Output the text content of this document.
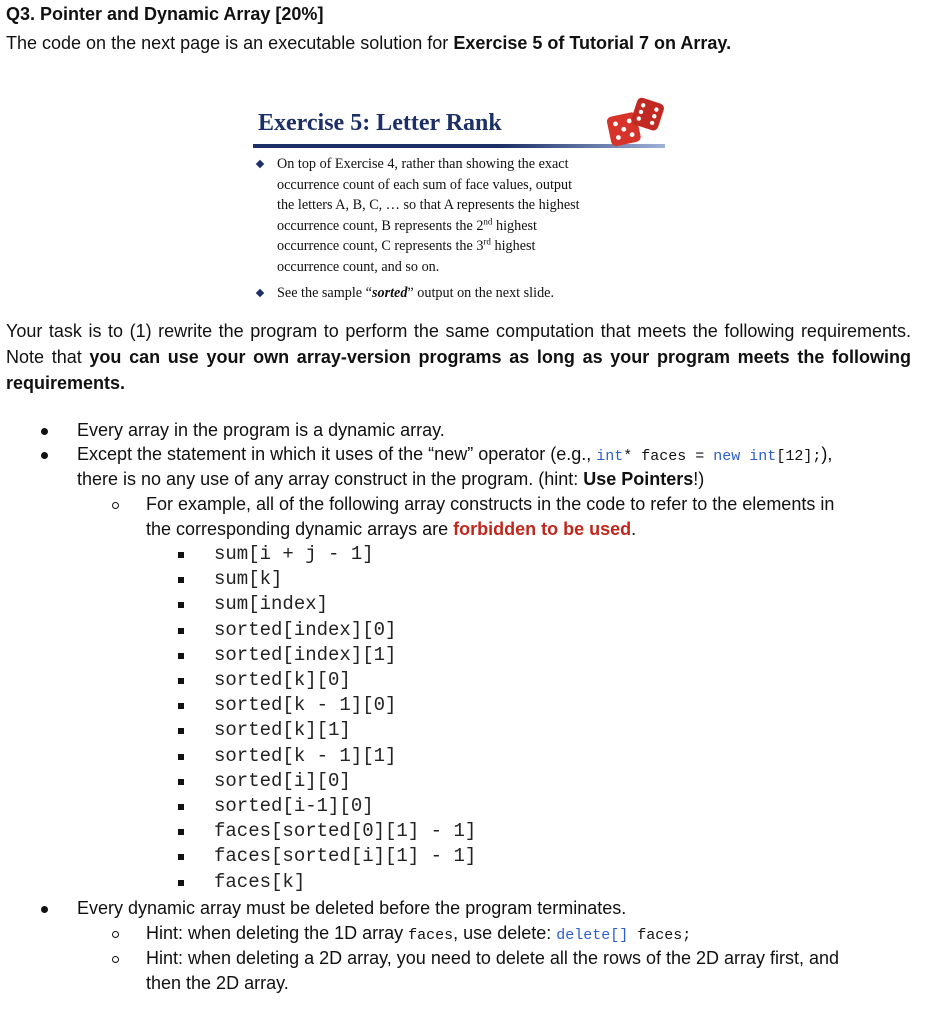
Q3. Pointer and Dynamic Array [20%]
The code on the next page is an executable solution for Exercise 5 of Tutorial 7 on Array.
Exercise 5: Letter Rank
On top of Exercise 4, rather than showing the exact
occurrence count of each sum of face values, output
the letters A, B, C, … so that A represents the highest
occurrence count, B represents the 2nd highest
occurrence count, C represents the 3rd highest
occurrence count, and so on.
See the sample “sorted” output on the next slide.
Your task is to (1) rewrite the program to perform the same computation that meets the following requirements. Note that you can use your own array-version programs as long as your program meets the following requirements.
Every array in the program is a dynamic array.
Except the statement in which it uses of the “new” operator (e.g., int* faces = new int[12];),
there is no any use of any array construct in the program. (hint: Use Pointers!)
For example, all of the following array constructs in the code to refer to the elements in
the corresponding dynamic arrays are forbidden to be used.
sum[i + j - 1]
sum[k]
sum[index]
sorted[index][0]
sorted[index][1]
sorted[k][0]
sorted[k - 1][0]
sorted[k][1]
sorted[k - 1][1]
sorted[i][0]
sorted[i-1][0]
faces[sorted[0][1] - 1]
faces[sorted[i][1] - 1]
faces[k]
Every dynamic array must be deleted before the program terminates.
Hint: when deleting the 1D array faces, use delete: delete[] faces;
Hint: when deleting a 2D array, you need to delete all the rows of the 2D array first, and
then the 2D array.
